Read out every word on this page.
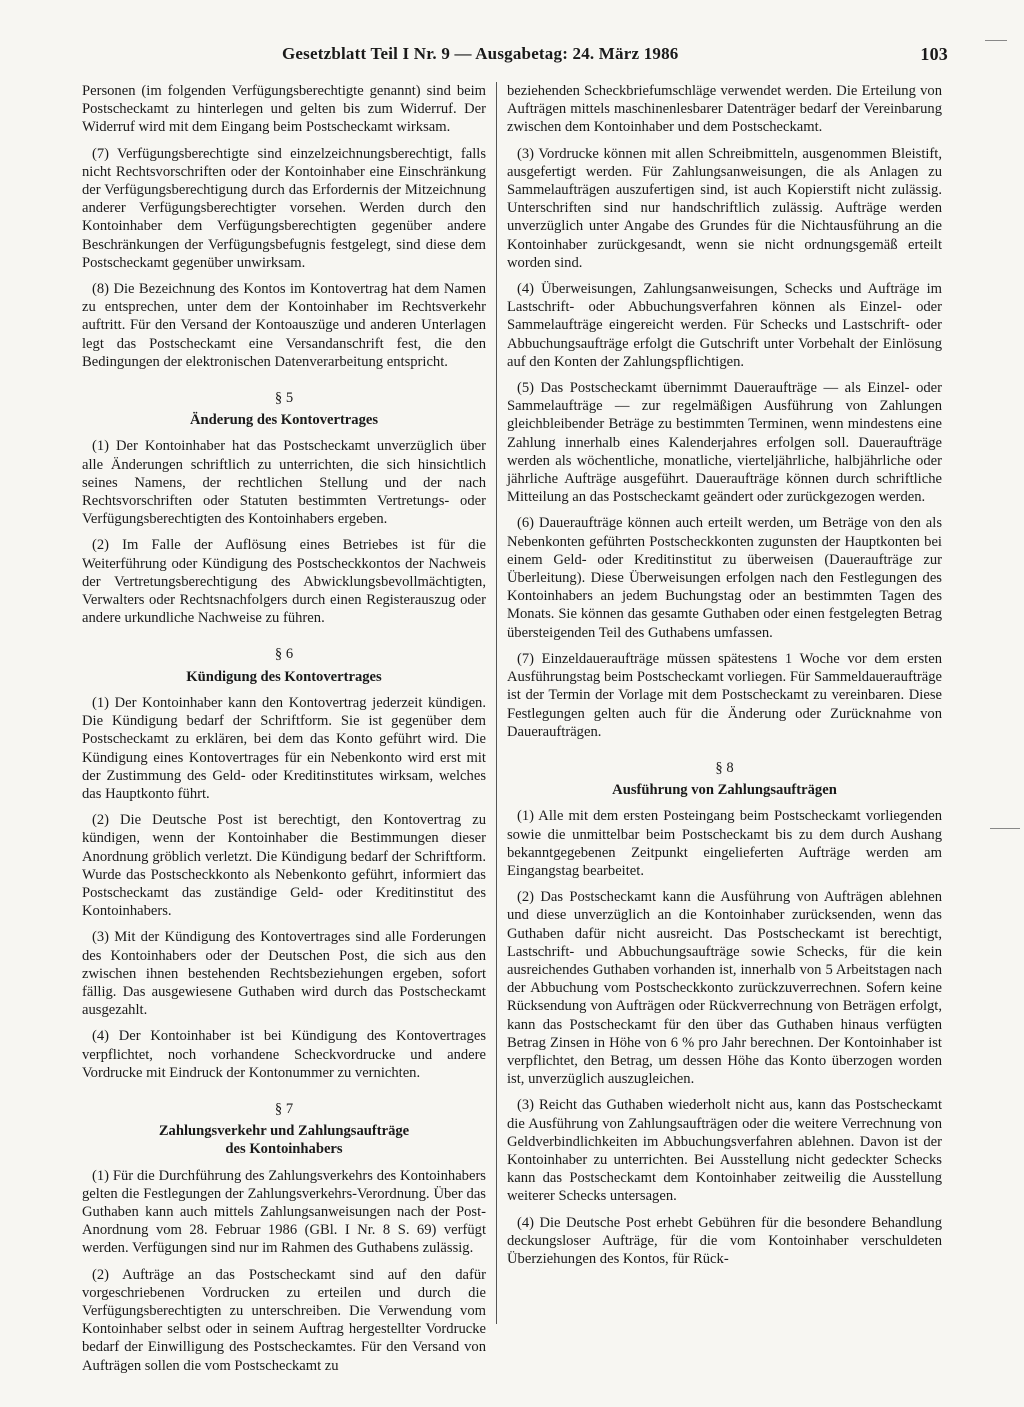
Gesetzblatt Teil I Nr. 9 — Ausgabetag: 24. März 1986	103

Personen (im folgenden Verfügungsberechtigte genannt) sind beim Postscheckamt zu hinterlegen und gelten bis zum Widerruf. Der Widerruf wird mit dem Eingang beim Postscheckamt wirksam.

(7) Verfügungsberechtigte sind einzelzeichnungsberechtigt, falls nicht Rechtsvorschriften oder der Kontoinhaber eine Einschränkung der Verfügungsberechtigung durch das Erfordernis der Mitzeichnung anderer Verfügungsberechtigter vorsehen. Werden durch den Kontoinhaber dem Verfügungsberechtigten gegenüber andere Beschränkungen der Verfügungsbefugnis festgelegt, sind diese dem Postscheckamt gegenüber unwirksam.

(8) Die Bezeichnung des Kontos im Kontovertrag hat dem Namen zu entsprechen, unter dem der Kontoinhaber im Rechtsverkehr auftritt. Für den Versand der Kontoauszüge und anderen Unterlagen legt das Postscheckamt eine Versandanschrift fest, die den Bedingungen der elektronischen Datenverarbeitung entspricht.

§ 5
Änderung des Kontovertrages

(1) Der Kontoinhaber hat das Postscheckamt unverzüglich über alle Änderungen schriftlich zu unterrichten, die sich hinsichtlich seines Namens, der rechtlichen Stellung und der nach Rechtsvorschriften oder Statuten bestimmten Vertretungs- oder Verfügungsberechtigten des Kontoinhabers ergeben.

(2) Im Falle der Auflösung eines Betriebes ist für die Weiterführung oder Kündigung des Postscheckkontos der Nachweis der Vertretungsberechtigung des Abwicklungsbevollmächtigten, Verwalters oder Rechtsnachfolgers durch einen Registerauszug oder andere urkundliche Nachweise zu führen.

§ 6
Kündigung des Kontovertrages

(1) Der Kontoinhaber kann den Kontovertrag jederzeit kündigen. Die Kündigung bedarf der Schriftform. Sie ist gegenüber dem Postscheckamt zu erklären, bei dem das Konto geführt wird. Die Kündigung eines Kontovertrages für ein Nebenkonto wird erst mit der Zustimmung des Geld- oder Kreditinstitutes wirksam, welches das Hauptkonto führt.

(2) Die Deutsche Post ist berechtigt, den Kontovertrag zu kündigen, wenn der Kontoinhaber die Bestimmungen dieser Anordnung gröblich verletzt. Die Kündigung bedarf der Schriftform. Wurde das Postscheckkonto als Nebenkonto geführt, informiert das Postscheckamt das zuständige Geld- oder Kreditinstitut des Kontoinhabers.

(3) Mit der Kündigung des Kontovertrages sind alle Forderungen des Kontoinhabers oder der Deutschen Post, die sich aus den zwischen ihnen bestehenden Rechtsbeziehungen ergeben, sofort fällig. Das ausgewiesene Guthaben wird durch das Postscheckamt ausgezahlt.

(4) Der Kontoinhaber ist bei Kündigung des Kontovertrages verpflichtet, noch vorhandene Scheckvordrucke und andere Vordrucke mit Eindruck der Kontonummer zu vernichten.

§ 7
Zahlungsverkehr und Zahlungsaufträge
des Kontoinhabers

(1) Für die Durchführung des Zahlungsverkehrs des Kontoinhabers gelten die Festlegungen der Zahlungsverkehrs-Verordnung. Über das Guthaben kann auch mittels Zahlungsanweisungen nach der Post-Anordnung vom 28. Februar 1986 (GBl. I Nr. 8 S. 69) verfügt werden. Verfügungen sind nur im Rahmen des Guthabens zulässig.

(2) Aufträge an das Postscheckamt sind auf den dafür vorgeschriebenen Vordrucken zu erteilen und durch die Verfügungsberechtigten zu unterschreiben. Die Verwendung vom Kontoinhaber selbst oder in seinem Auftrag hergestellter Vordrucke bedarf der Einwilligung des Postscheckamtes. Für den Versand von Aufträgen sollen die vom Postscheckamt zu

beziehenden Scheckbriefumschläge verwendet werden. Die Erteilung von Aufträgen mittels maschinenlesbarer Datenträger bedarf der Vereinbarung zwischen dem Kontoinhaber und dem Postscheckamt.

(3) Vordrucke können mit allen Schreibmitteln, ausgenommen Bleistift, ausgefertigt werden. Für Zahlungsanweisungen, die als Anlagen zu Sammelaufträgen auszufertigen sind, ist auch Kopierstift nicht zulässig. Unterschriften sind nur handschriftlich zulässig. Aufträge werden unverzüglich unter Angabe des Grundes für die Nichtausführung an die Kontoinhaber zurückgesandt, wenn sie nicht ordnungsgemäß erteilt worden sind.

(4) Überweisungen, Zahlungsanweisungen, Schecks und Aufträge im Lastschrift- oder Abbuchungsverfahren können als Einzel- oder Sammelaufträge eingereicht werden. Für Schecks und Lastschrift- oder Abbuchungsaufträge erfolgt die Gutschrift unter Vorbehalt der Einlösung auf den Konten der Zahlungspflichtigen.

(5) Das Postscheckamt übernimmt Daueraufträge — als Einzel- oder Sammelaufträge — zur regelmäßigen Ausführung von Zahlungen gleichbleibender Beträge zu bestimmten Terminen, wenn mindestens eine Zahlung innerhalb eines Kalenderjahres erfolgen soll. Daueraufträge werden als wöchentliche, monatliche, vierteljährliche, halbjährliche oder jährliche Aufträge ausgeführt. Daueraufträge können durch schriftliche Mitteilung an das Postscheckamt geändert oder zurückgezogen werden.

(6) Daueraufträge können auch erteilt werden, um Beträge von den als Nebenkonten geführten Postscheckkonten zugunsten der Hauptkonten bei einem Geld- oder Kreditinstitut zu überweisen (Daueraufträge zur Überleitung). Diese Überweisungen erfolgen nach den Festlegungen des Kontoinhabers an jedem Buchungstag oder an bestimmten Tagen des Monats. Sie können das gesamte Guthaben oder einen festgelegten Betrag übersteigenden Teil des Guthabens umfassen.

(7) Einzeldaueraufträge müssen spätestens 1 Woche vor dem ersten Ausführungstag beim Postscheckamt vorliegen. Für Sammeldaueraufträge ist der Termin der Vorlage mit dem Postscheckamt zu vereinbaren. Diese Festlegungen gelten auch für die Änderung oder Zurücknahme von Daueraufträgen.

§ 8
Ausführung von Zahlungsaufträgen

(1) Alle mit dem ersten Posteingang beim Postscheckamt vorliegenden sowie die unmittelbar beim Postscheckamt bis zu dem durch Aushang bekanntgegebenen Zeitpunkt eingelieferten Aufträge werden am Eingangstag bearbeitet.

(2) Das Postscheckamt kann die Ausführung von Aufträgen ablehnen und diese unverzüglich an die Kontoinhaber zurücksenden, wenn das Guthaben dafür nicht ausreicht. Das Postscheckamt ist berechtigt, Lastschrift- und Abbuchungsaufträge sowie Schecks, für die kein ausreichendes Guthaben vorhanden ist, innerhalb von 5 Arbeitstagen nach der Abbuchung vom Postscheckkonto zurückzuverrechnen. Sofern keine Rücksendung von Aufträgen oder Rückverrechnung von Beträgen erfolgt, kann das Postscheckamt für den über das Guthaben hinaus verfügten Betrag Zinsen in Höhe von 6 % pro Jahr berechnen. Der Kontoinhaber ist verpflichtet, den Betrag, um dessen Höhe das Konto überzogen worden ist, unverzüglich auszugleichen.

(3) Reicht das Guthaben wiederholt nicht aus, kann das Postscheckamt die Ausführung von Zahlungsaufträgen oder die weitere Verrechnung von Geldverbindlichkeiten im Abbuchungsverfahren ablehnen. Davon ist der Kontoinhaber zu unterrichten. Bei Ausstellung nicht gedeckter Schecks kann das Postscheckamt dem Kontoinhaber zeitweilig die Ausstellung weiterer Schecks untersagen.

(4) Die Deutsche Post erhebt Gebühren für die besondere Behandlung deckungsloser Aufträge, für die vom Kontoinhaber verschuldeten Überziehungen des Kontos, für Rück-
